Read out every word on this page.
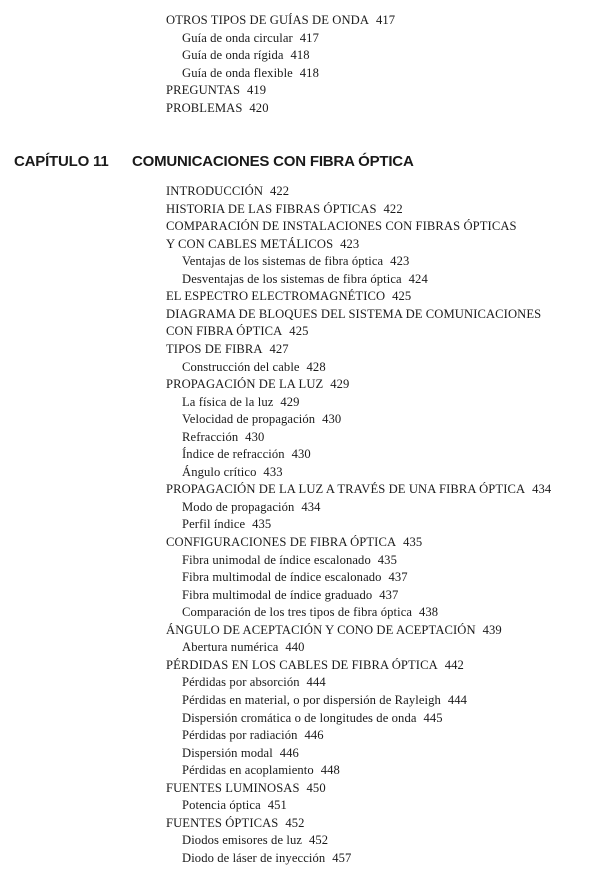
OTROS TIPOS DE GUÍAS DE ONDA 417
Guía de onda circular 417
Guía de onda rígida 418
Guía de onda flexible 418
PREGUNTAS 419
PROBLEMAS 420
CAPÍTULO 11 COMUNICACIONES CON FIBRA ÓPTICA
INTRODUCCIÓN 422
HISTORIA DE LAS FIBRAS ÓPTICAS 422
COMPARACIÓN DE INSTALACIONES CON FIBRAS ÓPTICAS
Y CON CABLES METÁLICOS 423
Ventajas de los sistemas de fibra óptica 423
Desventajas de los sistemas de fibra óptica 424
EL ESPECTRO ELECTROMAGNÉTICO 425
DIAGRAMA DE BLOQUES DEL SISTEMA DE COMUNICACIONES
CON FIBRA ÓPTICA 425
TIPOS DE FIBRA 427
Construcción del cable 428
PROPAGACIÓN DE LA LUZ 429
La física de la luz 429
Velocidad de propagación 430
Refracción 430
Índice de refracción 430
Ángulo crítico 433
PROPAGACIÓN DE LA LUZ A TRAVÉS DE UNA FIBRA ÓPTICA 434
Modo de propagación 434
Perfil índice 435
CONFIGURACIONES DE FIBRA ÓPTICA 435
Fibra unimodal de índice escalonado 435
Fibra multimodal de índice escalonado 437
Fibra multimodal de índice graduado 437
Comparación de los tres tipos de fibra óptica 438
ÁNGULO DE ACEPTACIÓN Y CONO DE ACEPTACIÓN 439
Abertura numérica 440
PÉRDIDAS EN LOS CABLES DE FIBRA ÓPTICA 442
Pérdidas por absorción 444
Pérdidas en material, o por dispersión de Rayleigh 444
Dispersión cromática o de longitudes de onda 445
Pérdidas por radiación 446
Dispersión modal 446
Pérdidas en acoplamiento 448
FUENTES LUMINOSAS 450
Potencia óptica 451
FUENTES ÓPTICAS 452
Diodos emisores de luz 452
Diodo de láser de inyección 457
